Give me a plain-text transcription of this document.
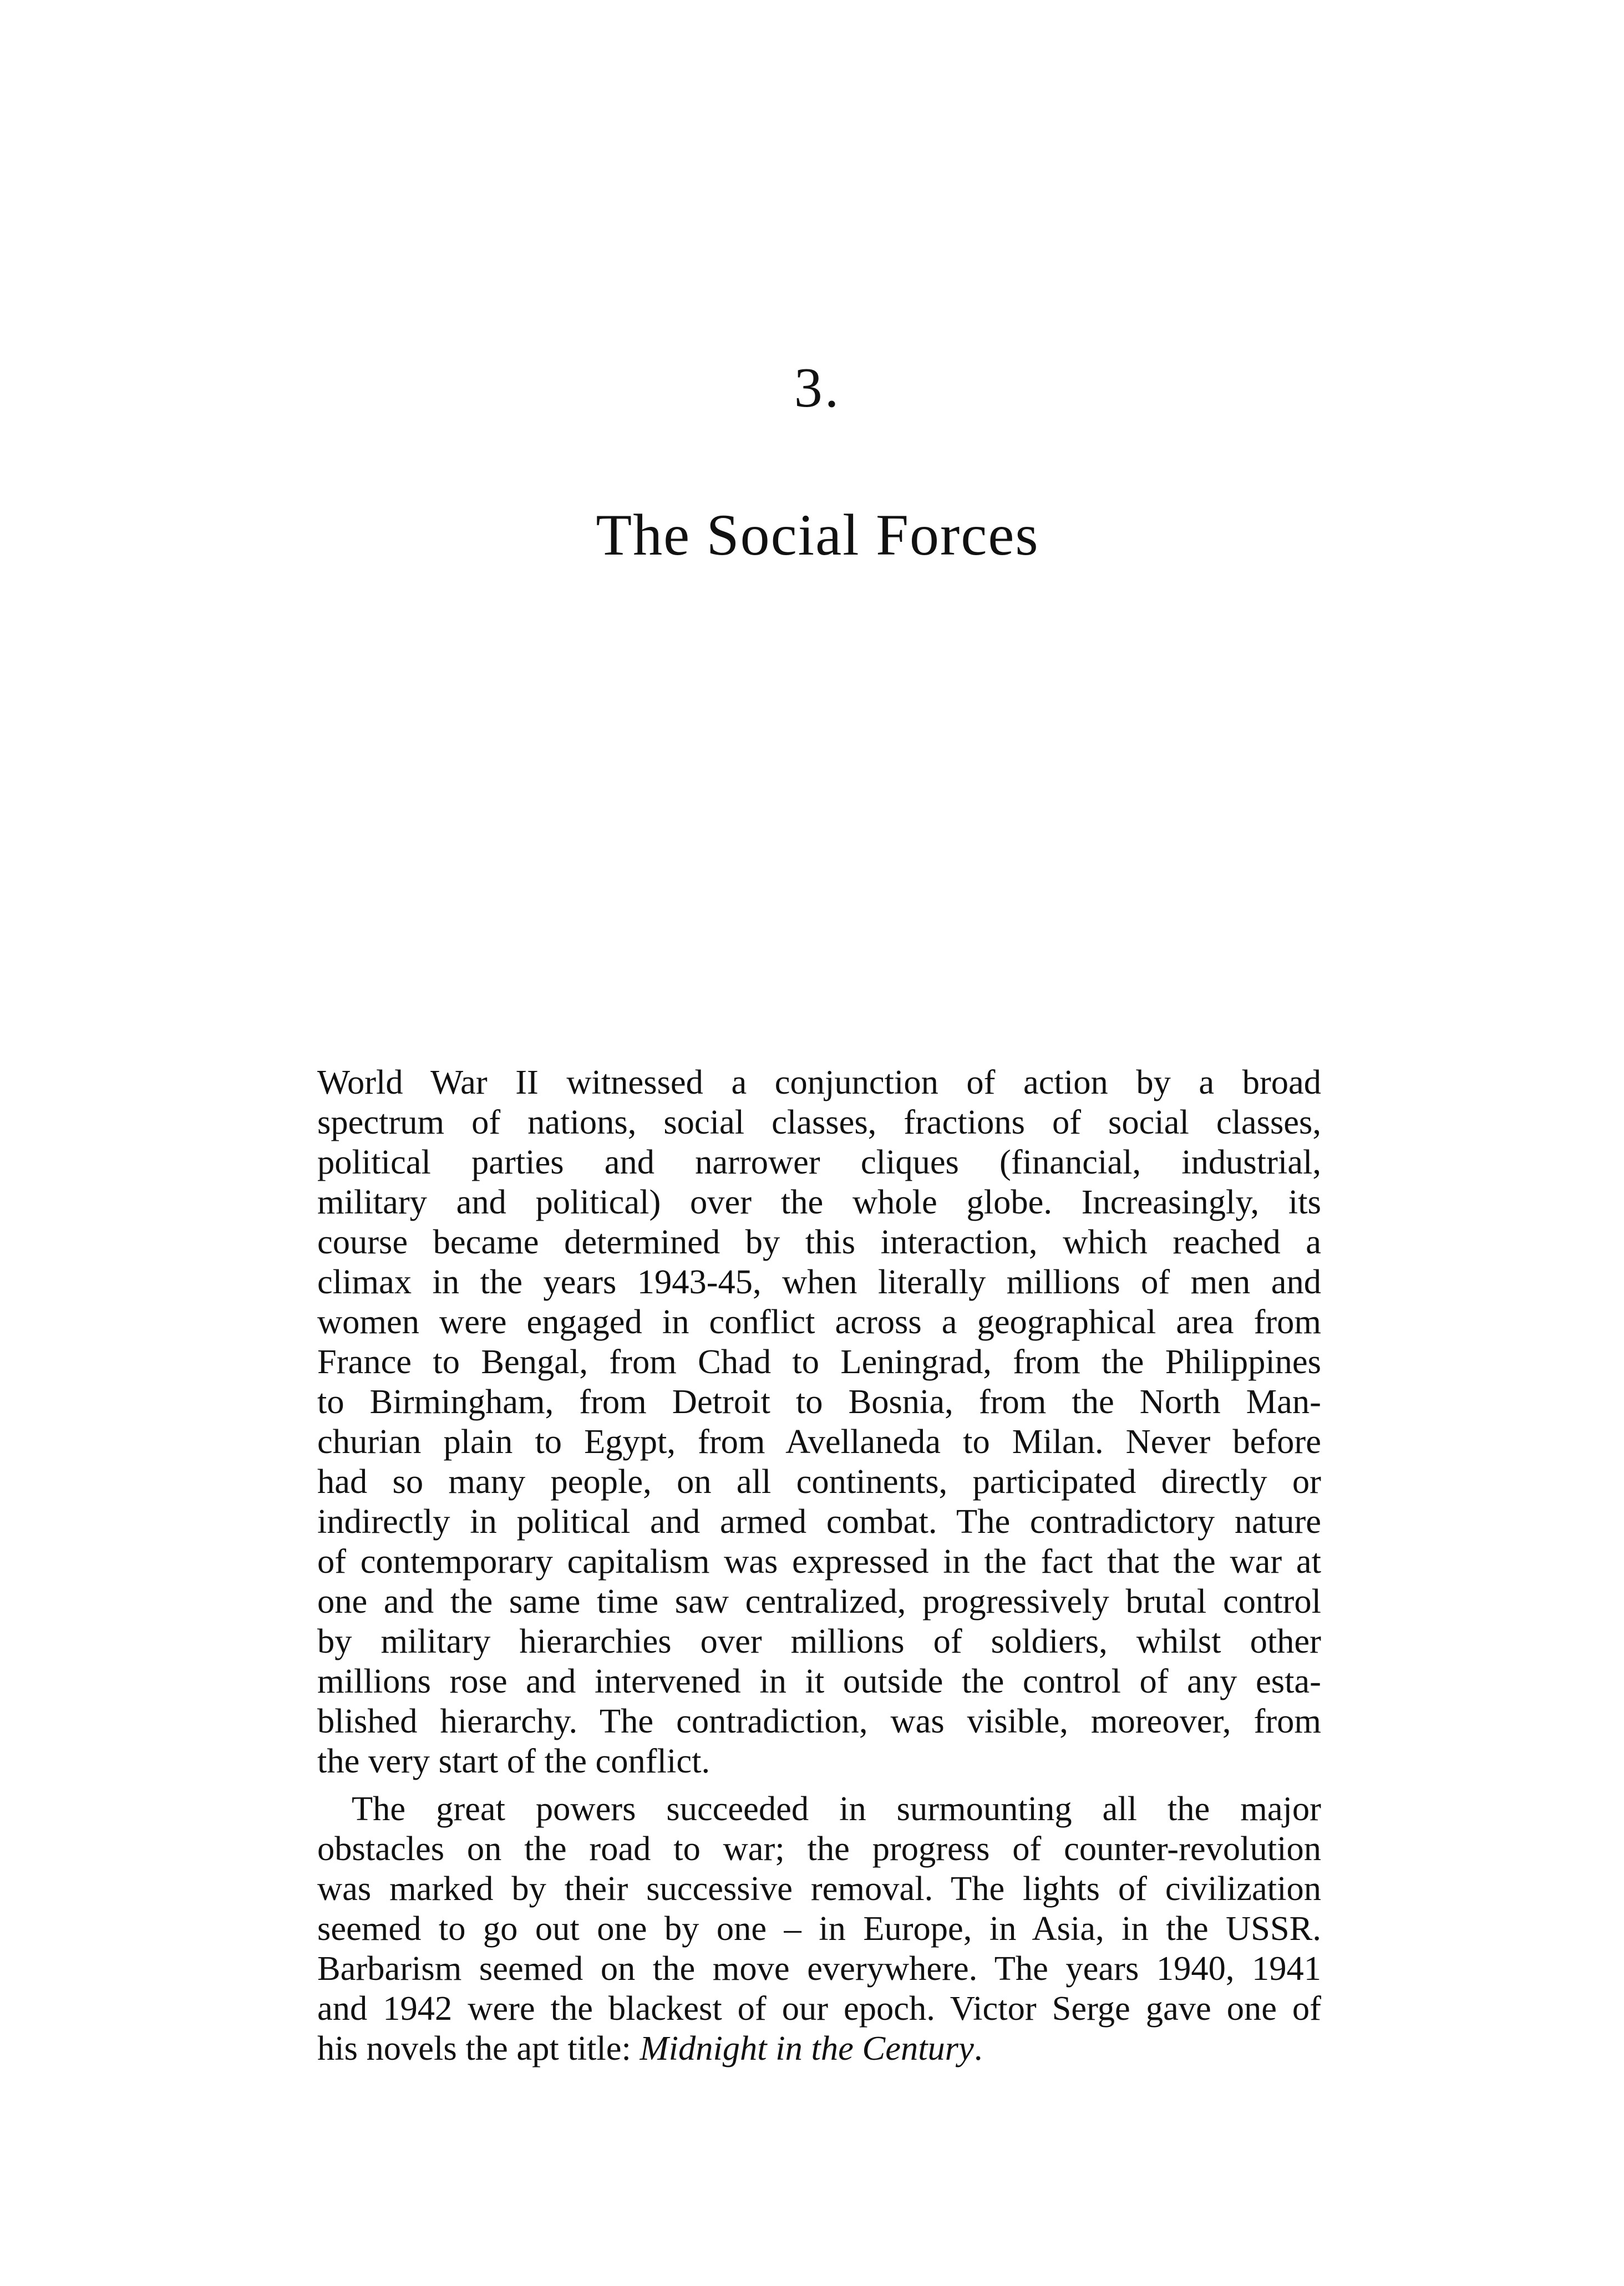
3.
The Social Forces
World War II witnessed a conjunction of action by a broad
spectrum of nations, social classes, fractions of social classes,
political parties and narrower cliques (financial, industrial,
military and political) over the whole globe. Increasingly, its
course became determined by this interaction, which reached a
climax in the years 1943-45, when literally millions of men and
women were engaged in conflict across a geographical area from
France to Bengal, from Chad to Leningrad, from the Philippines
to Birmingham, from Detroit to Bosnia, from the North Man-
churian plain to Egypt, from Avellaneda to Milan. Never before
had so many people, on all continents, participated directly or
indirectly in political and armed combat. The contradictory nature
of contemporary capitalism was expressed in the fact that the war at
one and the same time saw centralized, progressively brutal control
by military hierarchies over millions of soldiers, whilst other
millions rose and intervened in it outside the control of any esta-
blished hierarchy. The contradiction, was visible, moreover, from
the very start of the conflict.
The great powers succeeded in surmounting all the major
obstacles on the road to war; the progress of counter-revolution
was marked by their successive removal. The lights of civilization
seemed to go out one by one – in Europe, in Asia, in the USSR.
Barbarism seemed on the move everywhere. The years 1940, 1941
and 1942 were the blackest of our epoch. Victor Serge gave one of
his novels the apt title: Midnight in the Century.
